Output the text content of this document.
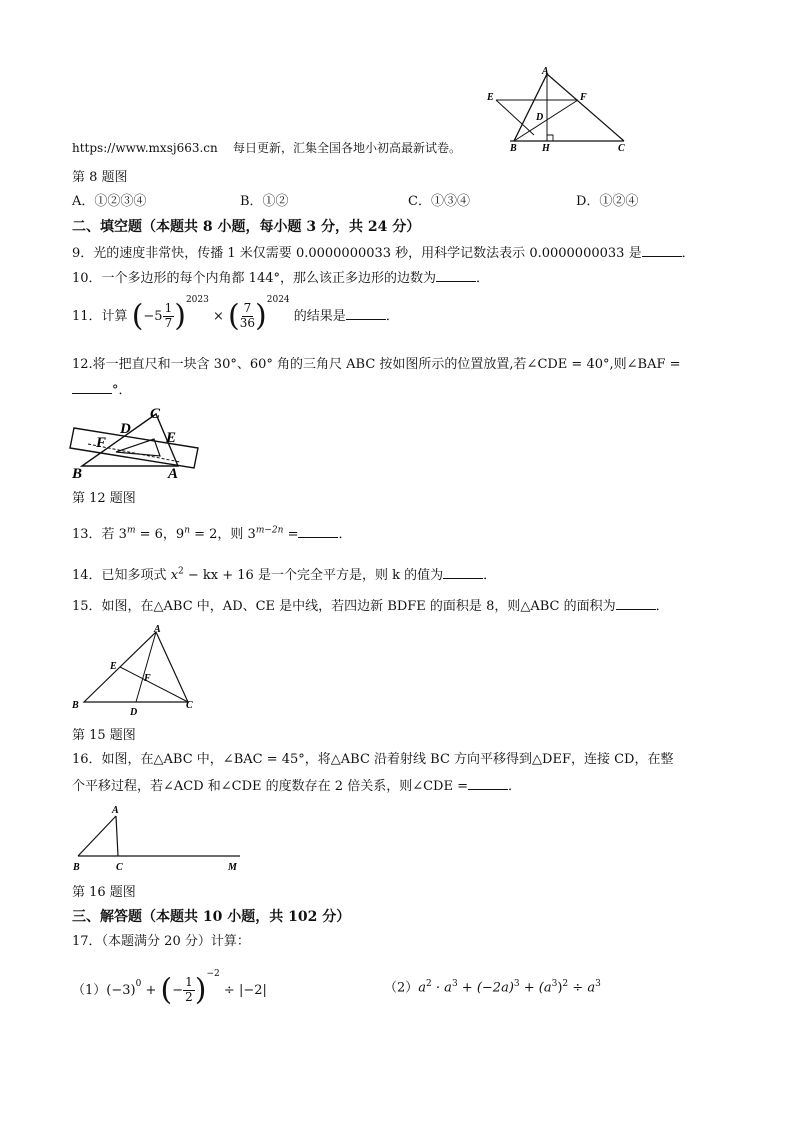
A
E	F
D
B	H	C
https://www.mxsj663.cn 每日更新，汇集全国各地小初高最新试卷。
第 8 题图
A．①②③④	B．①②	C．①③④	D．①②④
二、填空题（本题共 8 小题，每小题 3 分，共 24 分）
9．光的速度非常快，传播 1 米仅需要 0.0000000033 秒，用科学记数法表示 0.0000000033 是	．
10．一个多边形的每个内角都 144°，那么该正多边形的边数为	．
11．计算 $(-5 \frac{1}{7} )^{2023}$ × ( $\frac{7}{36} )^{2024}$ 的结果是	．
12.将一把直尺和一块含 30°、60° 角的三角尺 ABC 按如图所示的位置放置,若∠CDE = 40°,则∠BAF =
°．
C
D
E
F
B	A
第 12 题图
13．若 $3^m = 6$，$9^n = 2$，则 $3^{m-2n}$ =	．
14．已知多项式 $x^2$ − kx + 16 是一个完全平方是，则 k 的值为	．
15．如图，在△ABC 中，AD、CE 是中线，若四边新 BDFE 的面积是 8，则△ABC 的面积为	．
A
E
F
B
D
C
第 15 题图
16．如图，在△ABC 中，∠BAC = 45°，将△ABC 沿着射线 BC 方向平移得到△DEF，连接 CD，在整
个平移过程，若∠ACD 和∠CDE 的度数存在 2 倍关系，则∠CDE =	．
A
B	C	M
第 16 题图
三、解答题（本题共 10 小题，共 102 分）
17．（本题满分 20 分）计算：
$(1)(-3)^0$ + (− $\frac{1}{2} )^{-2} \div |-2|$	$(2)a^2 \cdot a^3 + (-2a)^3 + (a^3)^2 \div a^3$
